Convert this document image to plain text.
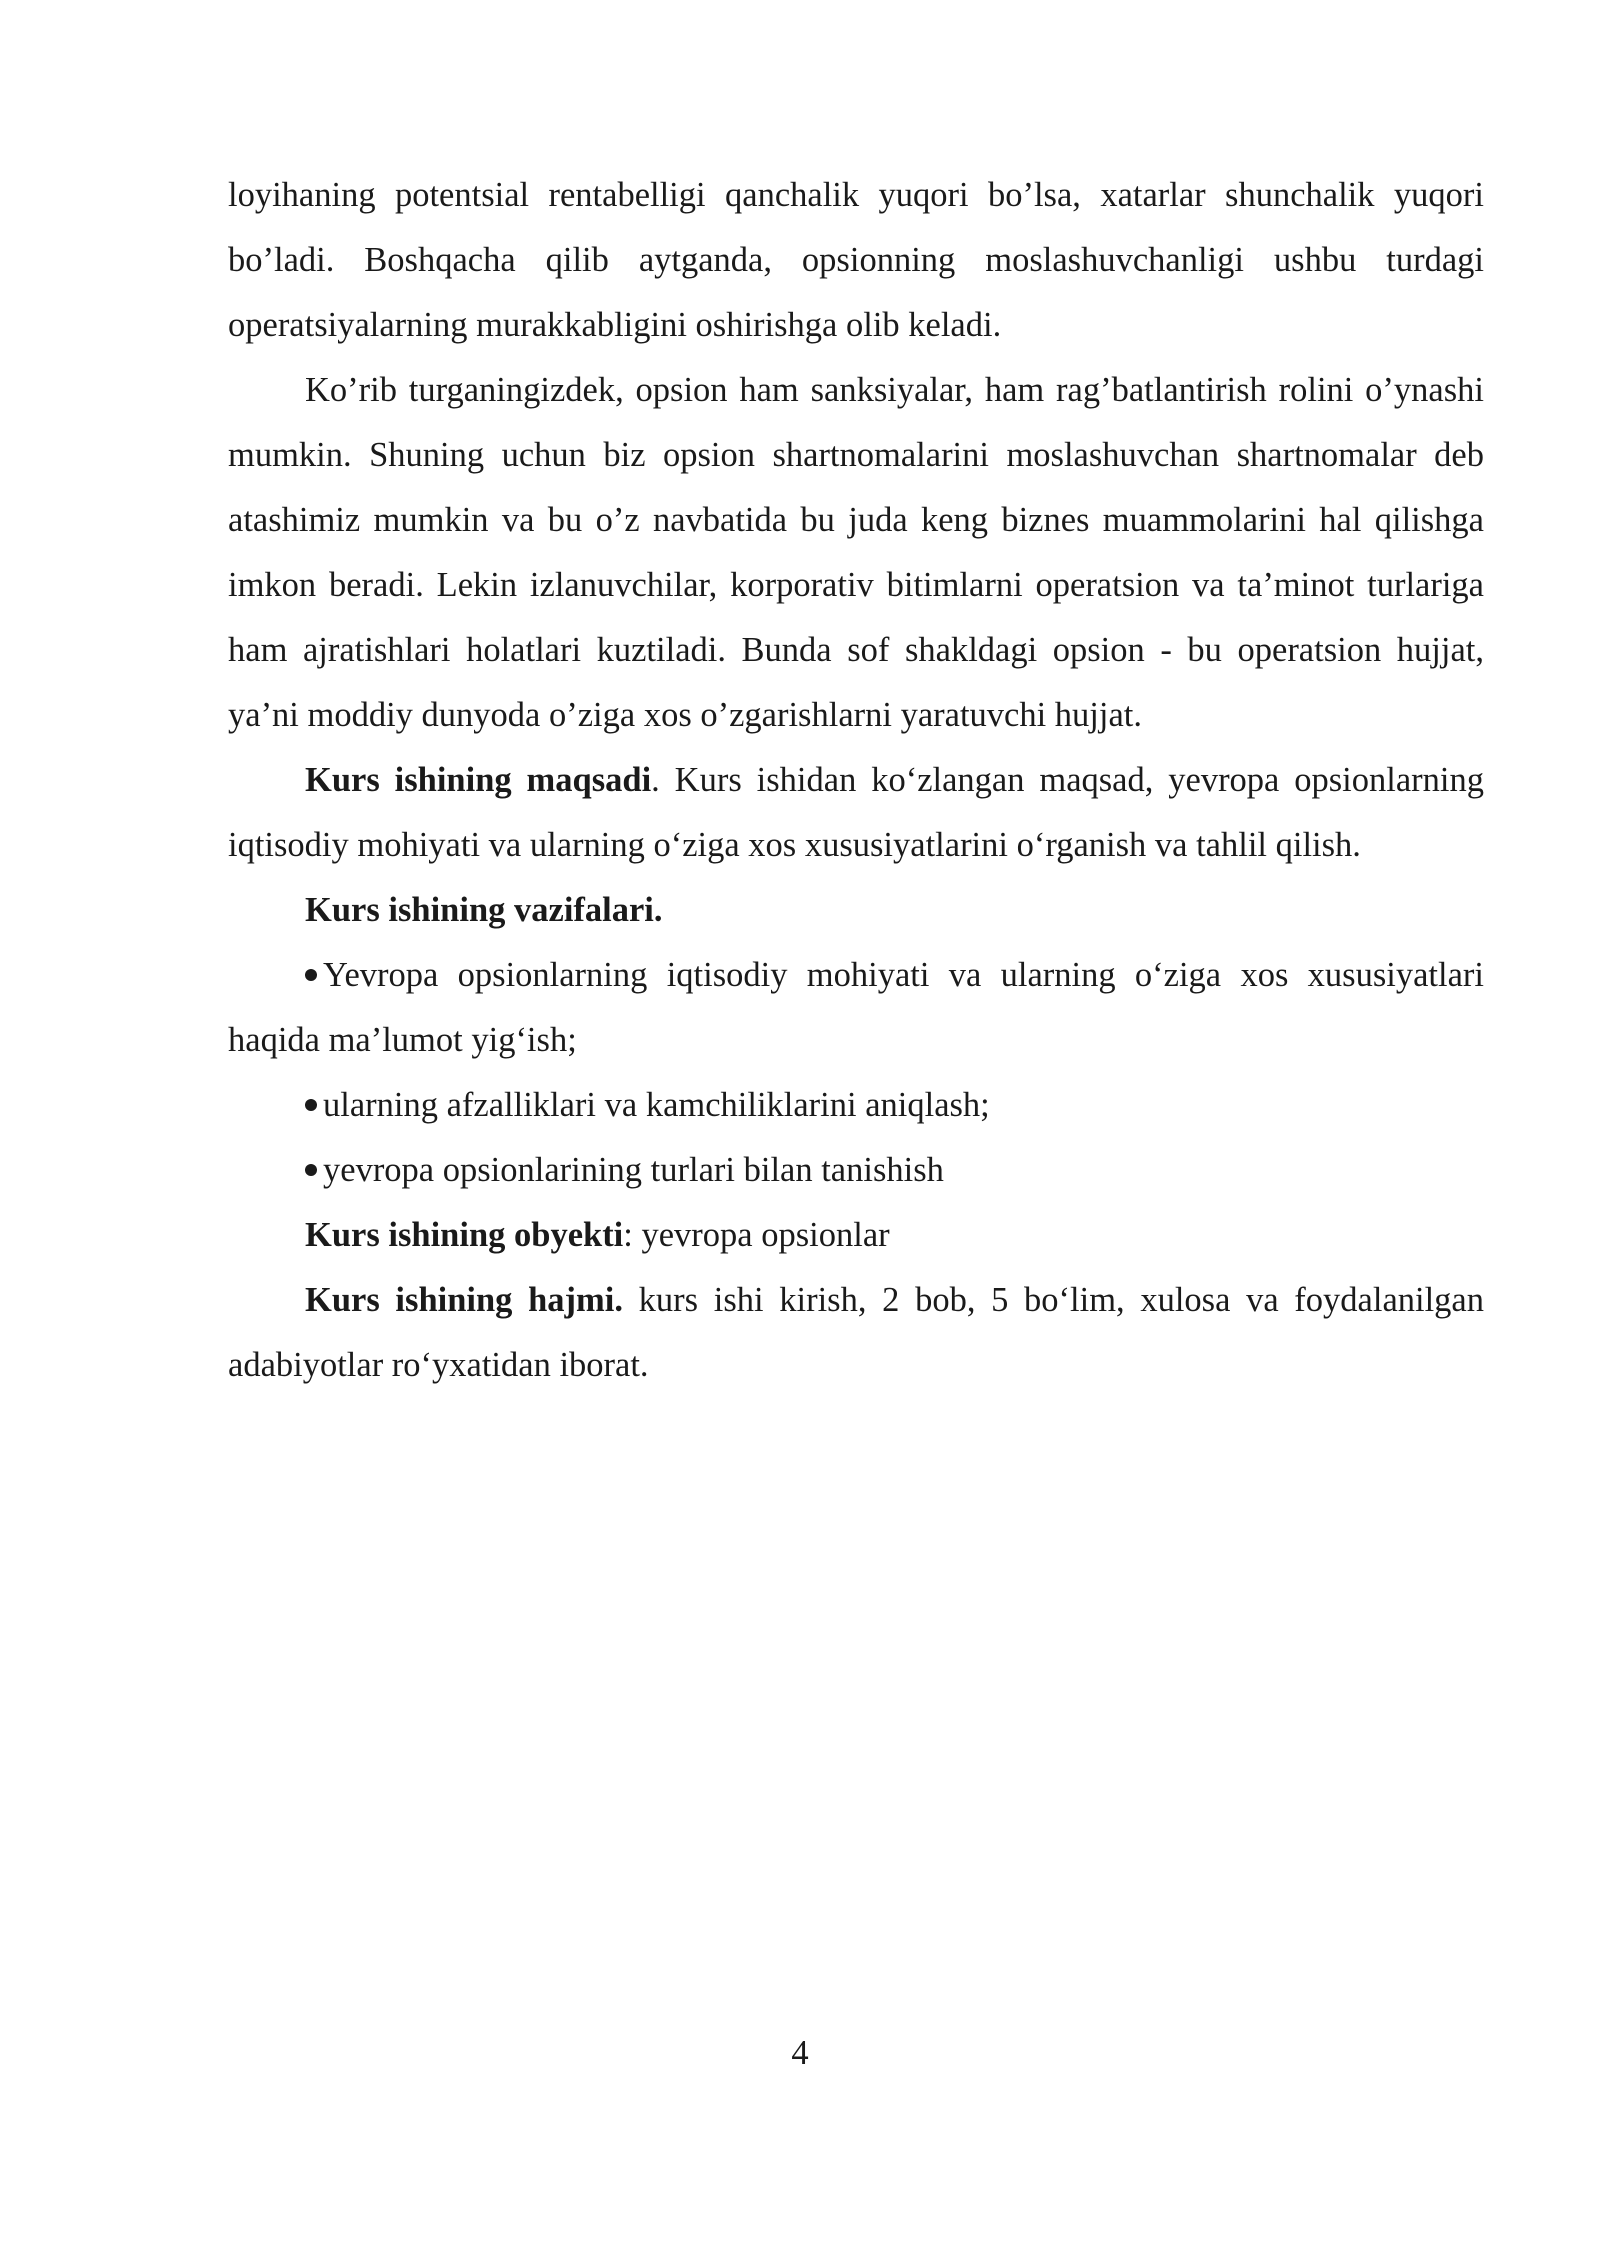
loyihaning potentsial rentabelligi qanchalik yuqori bo’lsa, xatarlar shunchalik yuqori bo’ladi. Boshqacha qilib aytganda, opsionning moslashuvchanligi ushbu turdagi operatsiyalarning murakkabligini oshirishga olib keladi.

Ko’rib turganingizdek, opsion ham sanksiyalar, ham rag’batlantirish rolini o’ynashi mumkin. Shuning uchun biz opsion shartnomalarini moslashuvchan shartnomalar deb atashimiz mumkin va bu o’z navbatida bu juda keng biznes muammolarini hal qilishga imkon beradi. Lekin izlanuvchilar, korporativ bitimlarni operatsion va ta’minot turlariga ham ajratishlari holatlari kuztiladi. Bunda sof shakldagi opsion - bu operatsion hujjat, ya’ni moddiy dunyoda o’ziga xos o’zgarishlarni yaratuvchi hujjat.

Kurs ishining maqsadi. Kurs ishidan ko‘zlangan maqsad, yevropa opsionlarning iqtisodiy mohiyati va ularning o‘ziga xos xususiyatlarini o‘rganish va tahlil qilish.

Kurs ishining vazifalari.

Yevropa opsionlarning iqtisodiy mohiyati va ularning o‘ziga xos xususiyatlari haqida ma’lumot yig‘ish;

ularning afzalliklari va kamchiliklarini aniqlash;

yevropa opsionlarining turlari bilan tanishish

Kurs ishining obyekti: yevropa opsionlar

Kurs ishining hajmi. kurs ishi kirish, 2 bob, 5 bo‘lim, xulosa va foydalanilgan adabiyotlar ro‘yxatidan iborat.

4
